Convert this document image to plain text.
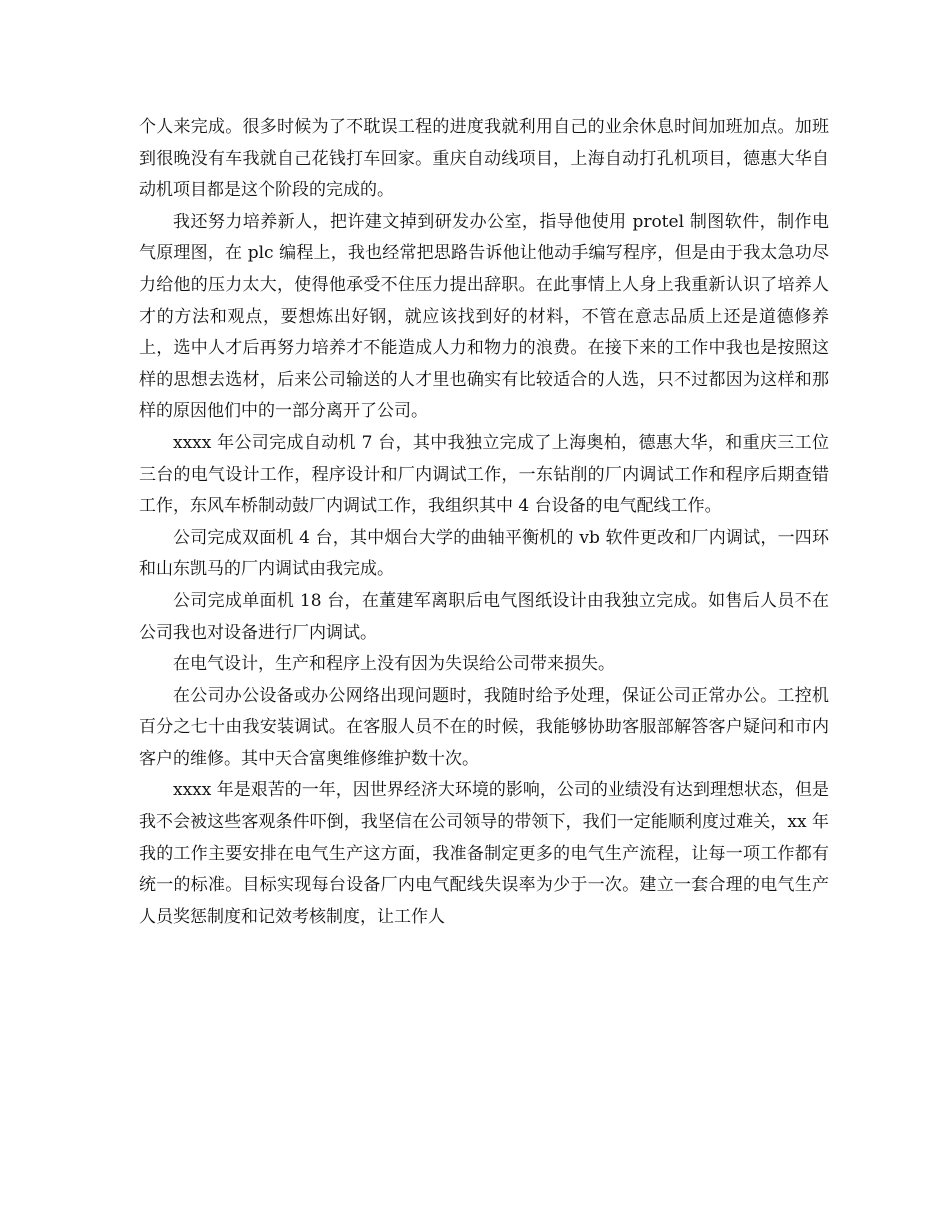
个人来完成。很多时候为了不耽误工程的进度我就利用自己的业余休息时间加班加点。加班到很晚没有车我就自己花钱打车回家。重庆自动线项目，上海自动打孔机项目，德惠大华自动机项目都是这个阶段的完成的。

我还努力培养新人，把许建文掉到研发办公室，指导他使用 protel 制图软件，制作电气原理图，在 plc 编程上，我也经常把思路告诉他让他动手编写程序，但是由于我太急功尽力给他的压力太大，使得他承受不住压力提出辞职。在此事情上人身上我重新认识了培养人才的方法和观点，要想炼出好钢，就应该找到好的材料，不管在意志品质上还是道德修养上，选中人才后再努力培养才不能造成人力和物力的浪费。在接下来的工作中我也是按照这样的思想去选材，后来公司输送的人才里也确实有比较适合的人选，只不过都因为这样和那样的原因他们中的一部分离开了公司。

xxxx 年公司完成自动机 7 台，其中我独立完成了上海奥柏，德惠大华，和重庆三工位三台的电气设计工作，程序设计和厂内调试工作，一东钻削的厂内调试工作和程序后期查错工作，东风车桥制动鼓厂内调试工作，我组织其中 4 台设备的电气配线工作。

公司完成双面机 4 台，其中烟台大学的曲轴平衡机的 vb 软件更改和厂内调试，一四环和山东凯马的厂内调试由我完成。

公司完成单面机 18 台，在董建军离职后电气图纸设计由我独立完成。如售后人员不在公司我也对设备进行厂内调试。

在电气设计，生产和程序上没有因为失误给公司带来损失。

在公司办公设备或办公网络出现问题时，我随时给予处理，保证公司正常办公。工控机百分之七十由我安装调试。在客服人员不在的时候，我能够协助客服部解答客户疑问和市内客户的维修。其中天合富奥维修维护数十次。

xxxx 年是艰苦的一年，因世界经济大环境的影响，公司的业绩没有达到理想状态，但是我不会被这些客观条件吓倒，我坚信在公司领导的带领下，我们一定能顺利度过难关，xx 年我的工作主要安排在电气生产这方面，我准备制定更多的电气生产流程，让每一项工作都有统一的标准。目标实现每台设备厂内电气配线失误率为少于一次。建立一套合理的电气生产人员奖惩制度和记效考核制度，让工作人
